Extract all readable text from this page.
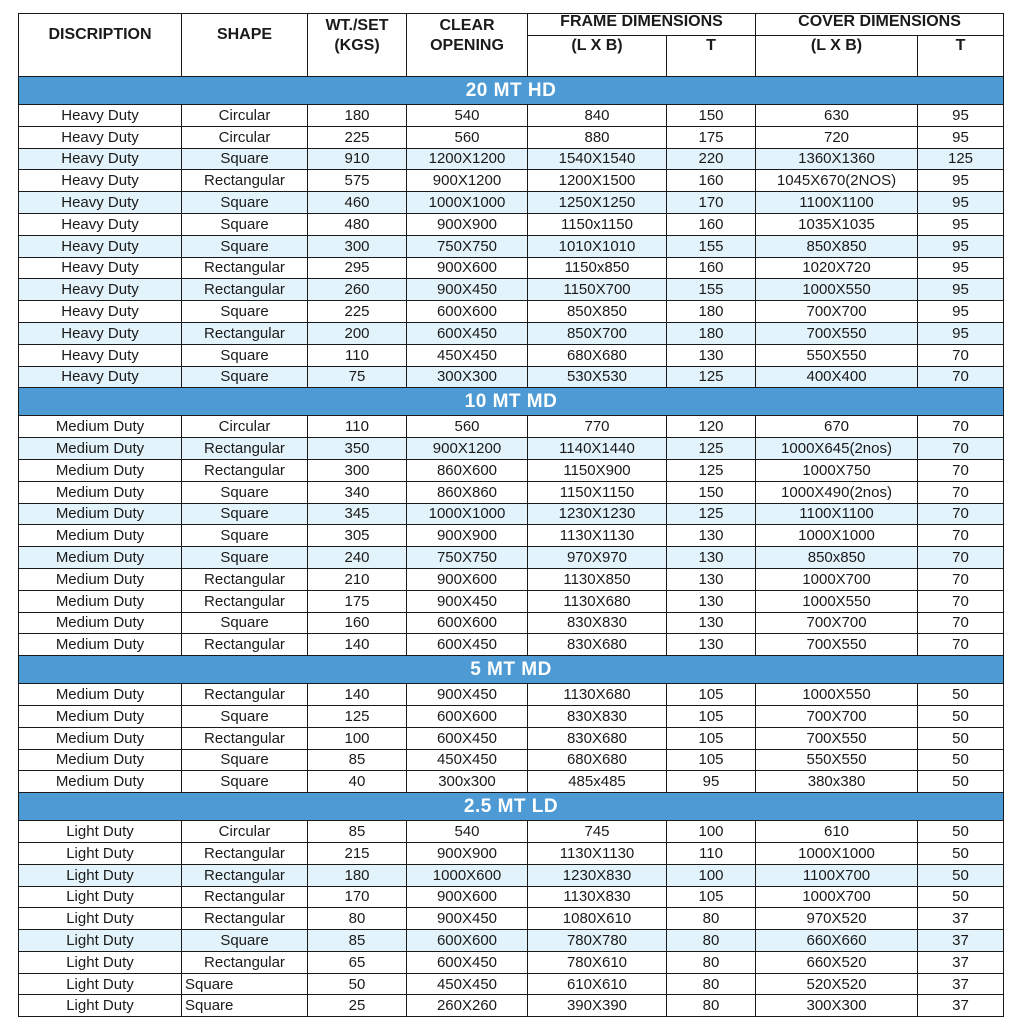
DISCRIPTION	SHAPE	WT./SET (KGS)	CLEAR OPENING	FRAME DIMENSIONS		COVER DIMENSIONS	
				(L X B)	T	(L X B)	T
20 MT HD							
Heavy Duty	Circular	180	540	840	150	630	95
Heavy Duty	Circular	225	560	880	175	720	95
Heavy Duty	Square	910	1200X1200	1540X1540	220	1360X1360	125
Heavy Duty	Rectangular	575	900X1200	1200X1500	160	1045X670(2NOS)	95
Heavy Duty	Square	460	1000X1000	1250X1250	170	1100X1100	95
Heavy Duty	Square	480	900X900	1150x1150	160	1035X1035	95
Heavy Duty	Square	300	750X750	1010X1010	155	850X850	95
Heavy Duty	Rectangular	295	900X600	1150x850	160	1020X720	95
Heavy Duty	Rectangular	260	900X450	1150X700	155	1000X550	95
Heavy Duty	Square	225	600X600	850X850	180	700X700	95
Heavy Duty	Rectangular	200	600X450	850X700	180	700X550	95
Heavy Duty	Square	110	450X450	680X680	130	550X550	70
Heavy Duty	Square	75	300X300	530X530	125	400X400	70
10 MT MD							
Medium Duty	Circular	110	560	770	120	670	70
Medium Duty	Rectangular	350	900X1200	1140X1440	125	1000X645(2nos)	70
Medium Duty	Rectangular	300	860X600	1150X900	125	1000X750	70
Medium Duty	Square	340	860X860	1150X1150	150	1000X490(2nos)	70
Medium Duty	Square	345	1000X1000	1230X1230	125	1100X1100	70
Medium Duty	Square	305	900X900	1130X1130	130	1000X1000	70
Medium Duty	Square	240	750X750	970X970	130	850x850	70
Medium Duty	Rectangular	210	900X600	1130X850	130	1000X700	70
Medium Duty	Rectangular	175	900X450	1130X680	130	1000X550	70
Medium Duty	Square	160	600X600	830X830	130	700X700	70
Medium Duty	Rectangular	140	600X450	830X680	130	700X550	70
5 MT MD							
Medium Duty	Rectangular	140	900X450	1130X680	105	1000X550	50
Medium Duty	Square	125	600X600	830X830	105	700X700	50
Medium Duty	Rectangular	100	600X450	830X680	105	700X550	50
Medium Duty	Square	85	450X450	680X680	105	550X550	50
Medium Duty	Square	40	300x300	485x485	95	380x380	50
2.5 MT LD							
Light Duty	Circular	85	540	745	100	610	50
Light Duty	Rectangular	215	900X900	1130X1130	110	1000X1000	50
Light Duty	Rectangular	180	1000X600	1230X830	100	1100X700	50
Light Duty	Rectangular	170	900X600	1130X830	105	1000X700	50
Light Duty	Rectangular	80	900X450	1080X610	80	970X520	37
Light Duty	Square	85	600X600	780X780	80	660X660	37
Light Duty	Rectangular	65	600X450	780X610	80	660X520	37
Light Duty	Square	50	450X450	610X610	80	520X520	37
Light Duty	Square	25	260X260	390X390	80	300X300	37
